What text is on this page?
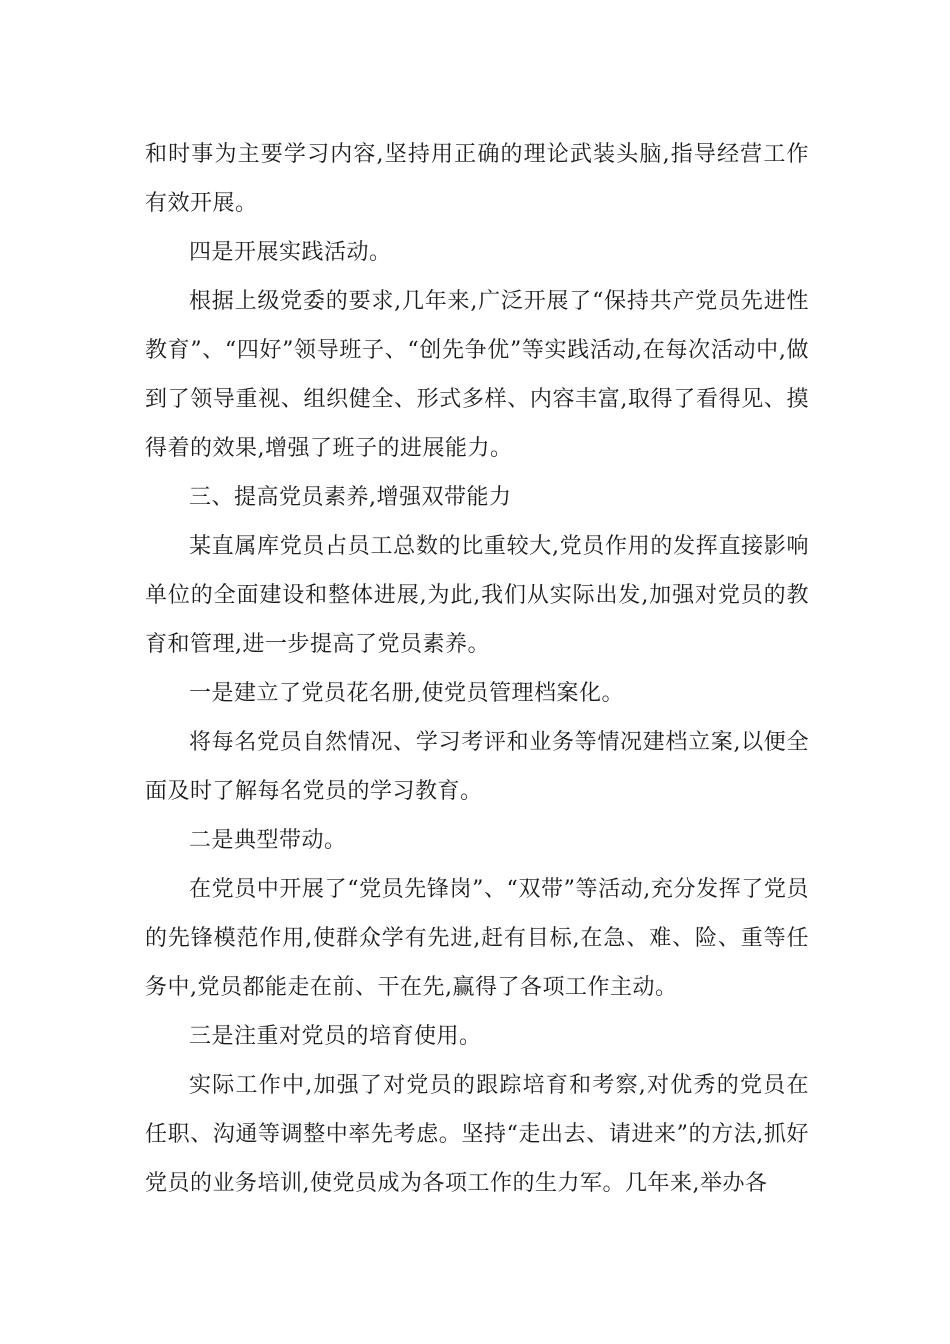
和时事为主要学习内容,坚持用正确的理论武装头脑,指导经营工作有效开展。

四是开展实践活动。

根据上级党委的要求,几年来,广泛开展了“保持共产党员先进性教育”、“四好”领导班子、“创先争优”等实践活动,在每次活动中,做到了领导重视、组织健全、形式多样、内容丰富,取得了看得见、摸得着的效果,增强了班子的进展能力。

三、提高党员素养,增强双带能力

某直属库党员占员工总数的比重较大,党员作用的发挥直接影响单位的全面建设和整体进展,为此,我们从实际出发,加强对党员的教育和管理,进一步提高了党员素养。

一是建立了党员花名册,使党员管理档案化。

将每名党员自然情况、学习考评和业务等情况建档立案,以便全面及时了解每名党员的学习教育。

二是典型带动。

在党员中开展了“党员先锋岗”、“双带”等活动,充分发挥了党员的先锋模范作用,使群众学有先进,赶有目标,在急、难、险、重等任务中,党员都能走在前、干在先,赢得了各项工作主动。

三是注重对党员的培育使用。

实际工作中,加强了对党员的跟踪培育和考察,对优秀的党员在任职、沟通等调整中率先考虑。坚持“走出去、请进来”的方法,抓好党员的业务培训,使党员成为各项工作的生力军。几年来,举办各
